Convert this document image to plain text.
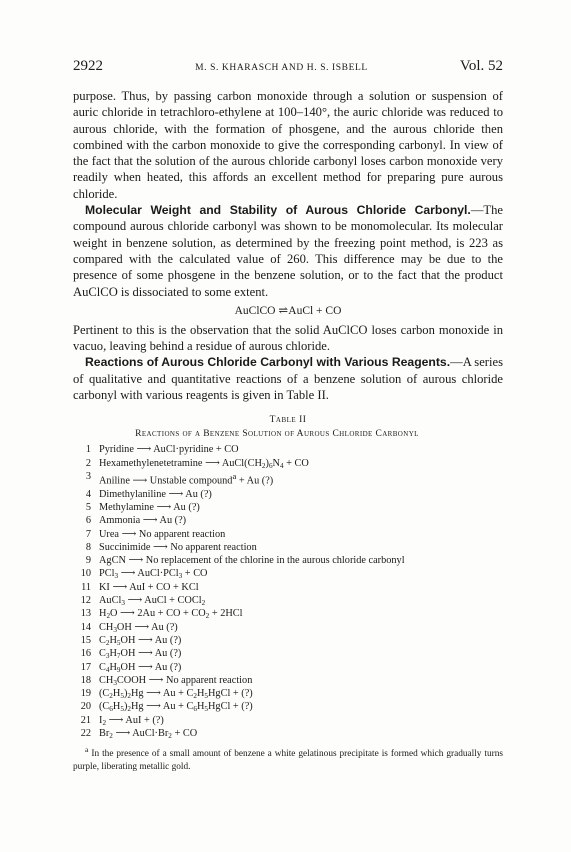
2922	M. S. KHARASCH AND H. S. ISBELL	Vol. 52

purpose. Thus, by passing carbon monoxide through a solution or suspension of auric chloride in tetrachloro-ethylene at 100–140°, the auric chloride was reduced to aurous chloride, with the formation of phosgene, and the aurous chloride then combined with the carbon monoxide to give the corresponding carbonyl. In view of the fact that the solution of the aurous chloride carbonyl loses carbon monoxide very readily when heated, this affords an excellent method for preparing pure aurous chloride.

Molecular Weight and Stability of Aurous Chloride Carbonyl.—The compound aurous chloride carbonyl was shown to be monomolecular. Its molecular weight in benzene solution, as determined by the freezing point method, is 223 as compared with the calculated value of 260. This difference may be due to the presence of some phosgene in the benzene solution, or to the fact that the product AuClCO is dissociated to some extent.

AuClCO ⇌ AuCl + CO

Pertinent to this is the observation that the solid AuClCO loses carbon monoxide in vacuo, leaving behind a residue of aurous chloride.

Reactions of Aurous Chloride Carbonyl with Various Reagents.—A series of qualitative and quantitative reactions of a benzene solution of aurous chloride carbonyl with various reagents is given in Table II.

Table II
Reactions of a Benzene Solution of Aurous Chloride Carbonyl
1 Pyridine ⟶ AuCl·pyridine + CO
2 Hexamethylenetetramine ⟶ $AuCl(CH_2)_6N_4$ + CO
3 Aniline ⟶ Unstable compound$^a$ + Au (?)
4 Dimethylaniline ⟶ Au (?)
5 Methylamine ⟶ Au (?)
6 Ammonia ⟶ Au (?)
7 Urea ⟶ No apparent reaction
8 Succinimide ⟶ No apparent reaction
9 AgCN ⟶ No replacement of the chlorine in the aurous chloride carbonyl
10 PCl$_3$ ⟶ AuCl·PCl$_3$ + CO
11 KI ⟶ AuI + CO + KCl
12 AuCl$_3$ ⟶ AuCl + COCl$_2$
13 $H_2O$ ⟶ 2Au + CO + $CO_2 + 2HCl$
14 $CH_3OH$ ⟶ Au (?)
15 $C_2H_5OH$ ⟶ Au (?)
16 $C_3H_7OH$ ⟶ Au (?)
17 $C_4H_9OH$ ⟶ Au (?)
18 $CH_3COOH$ ⟶ No apparent reaction
19 $(C_2H_5)_2Hg$ ⟶ $Au + C_2H_5HgCl$ + (?)
20 $(C_6H_5)_2Hg$ ⟶ $Au + C_6H_5HgCl$ + (?)
21 $I_2$ ⟶ AuI + (?)
22 $Br_2$ ⟶ $AuCl\cdot Br_2$ + CO
$^a$ In the presence of a small amount of benzene a white gelatinous precipitate is formed which gradually turns purple, liberating metallic gold.
